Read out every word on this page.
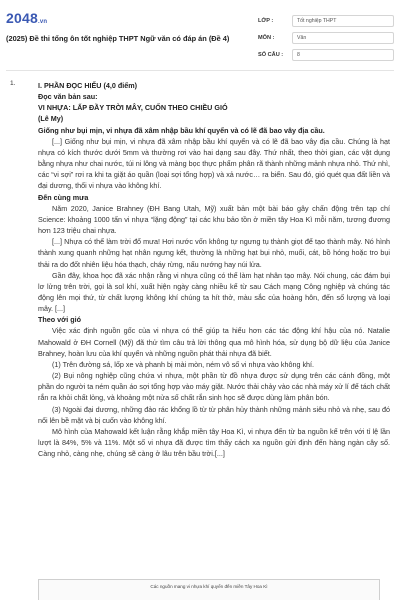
2048.vn
(2025) Đề thi tổng ôn tốt nghiệp THPT Ngữ văn có đáp án (Đề 4)
LỚP :	Tốt nghiệp THPT
MÔN :	Văn
SỐ CÂU :	8
1.	I. PHẦN ĐỌC HIỂU (4,0 điểm)

Đọc văn bản sau:

VI NHỰA: LẤP ĐẦY TRỜI MÂY, CUỐN THEO CHIỀU GIÓ

(Lê My)

Giống như bụi mịn, vi nhựa đã xâm nhập bầu khí quyển và có lẽ đã bao vây địa cầu.

[...] Giống như bụi mịn, vi nhựa đã xâm nhập bầu khí quyển và có lẽ đã bao vây địa cầu. Chúng là hạt nhựa có kích thước dưới 5mm và thường rơi vào hai dạng sau đây. Thứ nhất, theo thời gian, các vật dụng bằng nhựa như chai nước, túi ni lông và màng bọc thực phẩm phân rã thành những mảnh nhựa nhỏ. Thứ nhì, các “vi sợi” rơi ra khi ta giặt áo quần (loại sợi tổng hợp) và xả nước… ra biển. Sau đó, gió quét qua đất liền và đại dương, thổi vi nhựa vào không khí.

Đến cùng mưa

Năm 2020, Janice Brahney (ĐH Bang Utah, Mỹ) xuất bản một bài báo gây chấn động trên tạp chí Science: khoảng 1000 tấn vi nhựa “lặng động” tại các khu bảo tồn ở miền tây Hoa Kì mỗi năm, tương đương hơn 123 triệu chai nhựa.

[...] Nhựa có thể làm trời đổ mưa! Hơi nước vốn không tự ngưng tụ thành giọt để tạo thành mây. Nó hình thành xung quanh những hạt nhân ngưng kết, thường là những hạt bụi nhỏ, muối, cát, bồ hóng hoặc tro bụi thải ra do đốt nhiên liệu hóa thạch, cháy rừng, nấu nướng hay núi lửa.

Gần đây, khoa học đã xác nhận rằng vi nhựa cũng có thể làm hạt nhân tạo mây. Nói chung, các đám bụi lơ lửng trên trời, gọi là sol khí, xuất hiện ngày càng nhiều kể từ sau Cách mạng Công nghiệp và chúng tác động lên mọi thứ, từ chất lượng không khí chúng ta hít thở, màu sắc của hoàng hôn, đến số lượng và loại mây. [...]

Theo với gió

Việc xác định nguồn gốc của vi nhựa có thể giúp ta hiểu hơn các tác động khí hậu của nó. Natalie Mahowald ở ĐH Cornell (Mỹ) đã thử tìm câu trả lời thông qua mô hình hóa, sử dụng bộ dữ liệu của Janice Brahney, hoàn lưu của khí quyển và những nguồn phát thải nhựa đã biết.

(1) Trên đường sá, lốp xe và phanh bị mài mòn, ném vô số vi nhựa vào không khí.

(2) Bụi nông nghiệp cũng chứa vi nhựa, một phần từ đồ nhựa được sử dụng trên các cánh đồng, một phần do người ta ném quần áo sợi tổng hợp vào máy giặt. Nước thải chảy vào các nhà máy xử lí để tách chất rắn ra khỏi chất lỏng, và khoảng một nửa số chất rắn sinh học sẽ được dùng làm phân bón.

(3) Ngoài đại dương, những đảo rác khổng lồ từ từ phân hủy thành những mảnh siêu nhỏ và nhẹ, sau đó nổi lên bề mặt và bị cuốn vào không khí.

Mô hình của Mahowald kết luận rằng khắp miền tây Hoa Kì, vi nhựa đến từ ba nguồn kể trên với tỉ lệ lần lượt là 84%, 5% và 11%. Một số vi nhựa đã được tìm thấy cách xa nguồn gửi định đến hàng ngàn cây số. Càng nhỏ, càng nhẹ, chúng sẽ càng ở lâu trên bầu trời.[...]

Các nguồn mang vi nhựa khí quyển đến miền Tây Hoa Kì
